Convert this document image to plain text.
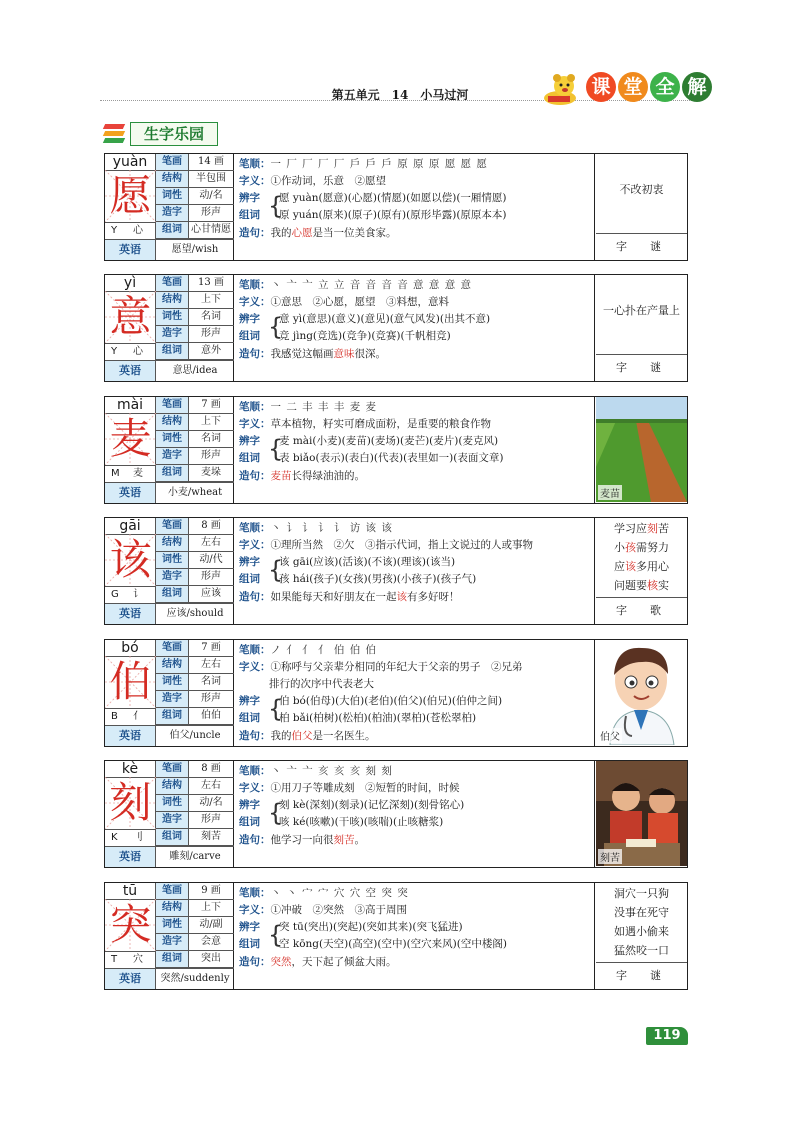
第五单元　14　小马过河	课 堂 全 解
生字乐园
yuàn
愿
Y 心
笔画	14 画
结构	半包围
词性	动/名
造字	形声
组词 心甘情愿
英语	愿望/wish
笔顺：一 厂 厂 厂 厂 戶 戶 戶 原 原 原 愿 愿 愿
字义：①作动词，乐意　②愿望
辨字
组词 {
愿 yuàn(愿意)(心愿)(情愿)(如愿以偿)(一厢情愿)
原 yuán(原来)(原子)(原有)(原形毕露)(原原本本)
造句：我的心愿是当一位美食家。
不改初衷
字　谜
yì
意
Y 心
笔画	13 画
结构	上下
词性	名词
造字	形声
组词	意外
英语	意思/idea
笔顺：丶 亠 亠 立 立 音 音 音 音 意 意 意 意
字义：①意思　②心愿，愿望　③料想，意料
辨字
组词 {
意 yì(意思)(意义)(意见)(意气风发)(出其不意)
竞 jìng(竞选)(竞争)(竞赛)(千帆相竞)
造句：我感觉这幅画意味很深。
一心扑在产量上
字　谜
mài
麦
M 麦
笔画	7 画
结构	上下
词性	名词
造字	形声
组词	麦垛
英语	小麦/wheat
笔顺：一 二 丰 丰 丰 麦 麦
字义：草本植物，籽实可磨成面粉，是重要的粮食作物
辨字
组词 {
麦 mài(小麦)(麦苗)(麦场)(麦芒)(麦片)(麦克风)
表 biǎo(表示)(表白)(代表)(表里如一)(表面文章)
造句：麦苗长得绿油油的。
麦苗
gāi
该
G 讠
笔画	8 画
结构	左右
词性	动/代
造字	形声
组词	应该
英语	应该/should
笔顺：丶 讠 讠 讠 讠 访 该 该
字义：①理所当然　②欠　③指示代词，指上文说过的人或事物
辨字
组词 {
该 gāi(应该)(活该)(不该)(理该)(该当)
孩 hái(孩子)(女孩)(男孩)(小孩子)(孩子气)
造句：如果能每天和好朋友在一起该有多好呀！
学习应刻苦
小孩需努力
应该多用心
问题要核实
字　歌
bó
伯
B 亻
笔画	7 画
结构	左右
词性	名词
造字	形声
组词	伯伯
英语	伯父/uncle
笔顺：ノ 亻 亻 亻 伯 伯 伯
字义：①称呼与父亲辈分相同的年纪大于父亲的男子　②兄弟
排行的次序中代表老大
辨字
组词 {
伯 bó(伯母)(大伯)(老伯)(伯父)(伯兄)(伯仲之间)
柏 bǎi(柏树)(松柏)(柏油)(翠柏)(苍松翠柏)
造句：我的伯父是一名医生。	伯父
kè
刻
K 刂
笔画	8 画
结构	左右
词性	动/名
造字	形声
组词	刻苦
英语	雕刻/carve
笔顺：丶 亠 亠 亥 亥 亥 刻 刻
字义：①用刀子等雕成刻　②短暂的时间，时候
辨字
组词 {
刻 kè(深刻)(刻录)(记忆深刻)(刻骨铭心)
咳 ké(咳嗽)(干咳)(咳喘)(止咳糖浆)
造句：他学习一向很刻苦。
刻苦
tū
突
T 穴
笔画	9 画
结构	上下
词性	动/副
造字	会意
组词	突出
英语	突然/suddenly
笔顺：丶 丶 宀 宀 穴 穴 空 突 突
字义：①冲破　②突然　③高于周围
辨字
组词 {
突 tū(突出)(突起)(突如其来)(突飞猛进)
空 kōng(天空)(高空)(空中)(空穴来风)(空中楼阁)
造句：突然，天下起了倾盆大雨。
洞穴一只狗
没事在死守
如遇小偷来
猛然咬一口
字　谜
119
